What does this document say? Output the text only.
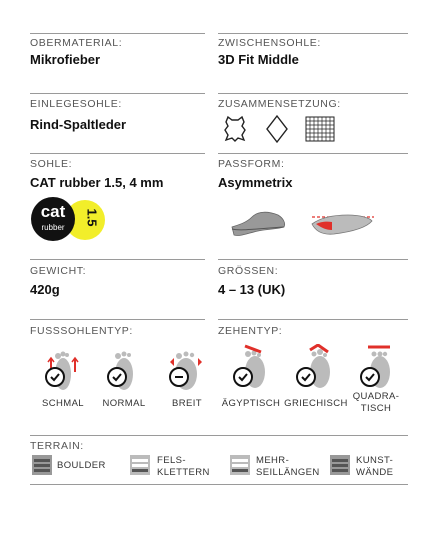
OBERMATERIAL:
Mikrofieber
ZWISCHENSOHLE:
3D Fit Middle
EINLEGESOHLE:
Rind-Spaltleder
ZUSAMMENSETZUNG:
SOHLE:
CAT rubber 1.5, 4 mm
1.5
cat
rubber
PASSFORM:
Asymmetrix
GEWICHT:
420g
GRÖSSEN:
4 – 13 (UK)
FUSSSOHLENTYP:	ZEHENTYP:
SCHMAL	NORMAL	BREIT	ÄGYPTISCH GRIECHISCH
QUADRA-
TISCH
TERRAIN:
BOULDER	FELS-
KLETTERN
MEHR-
SEILLÄNGEN
KUNST-
WÄNDE
